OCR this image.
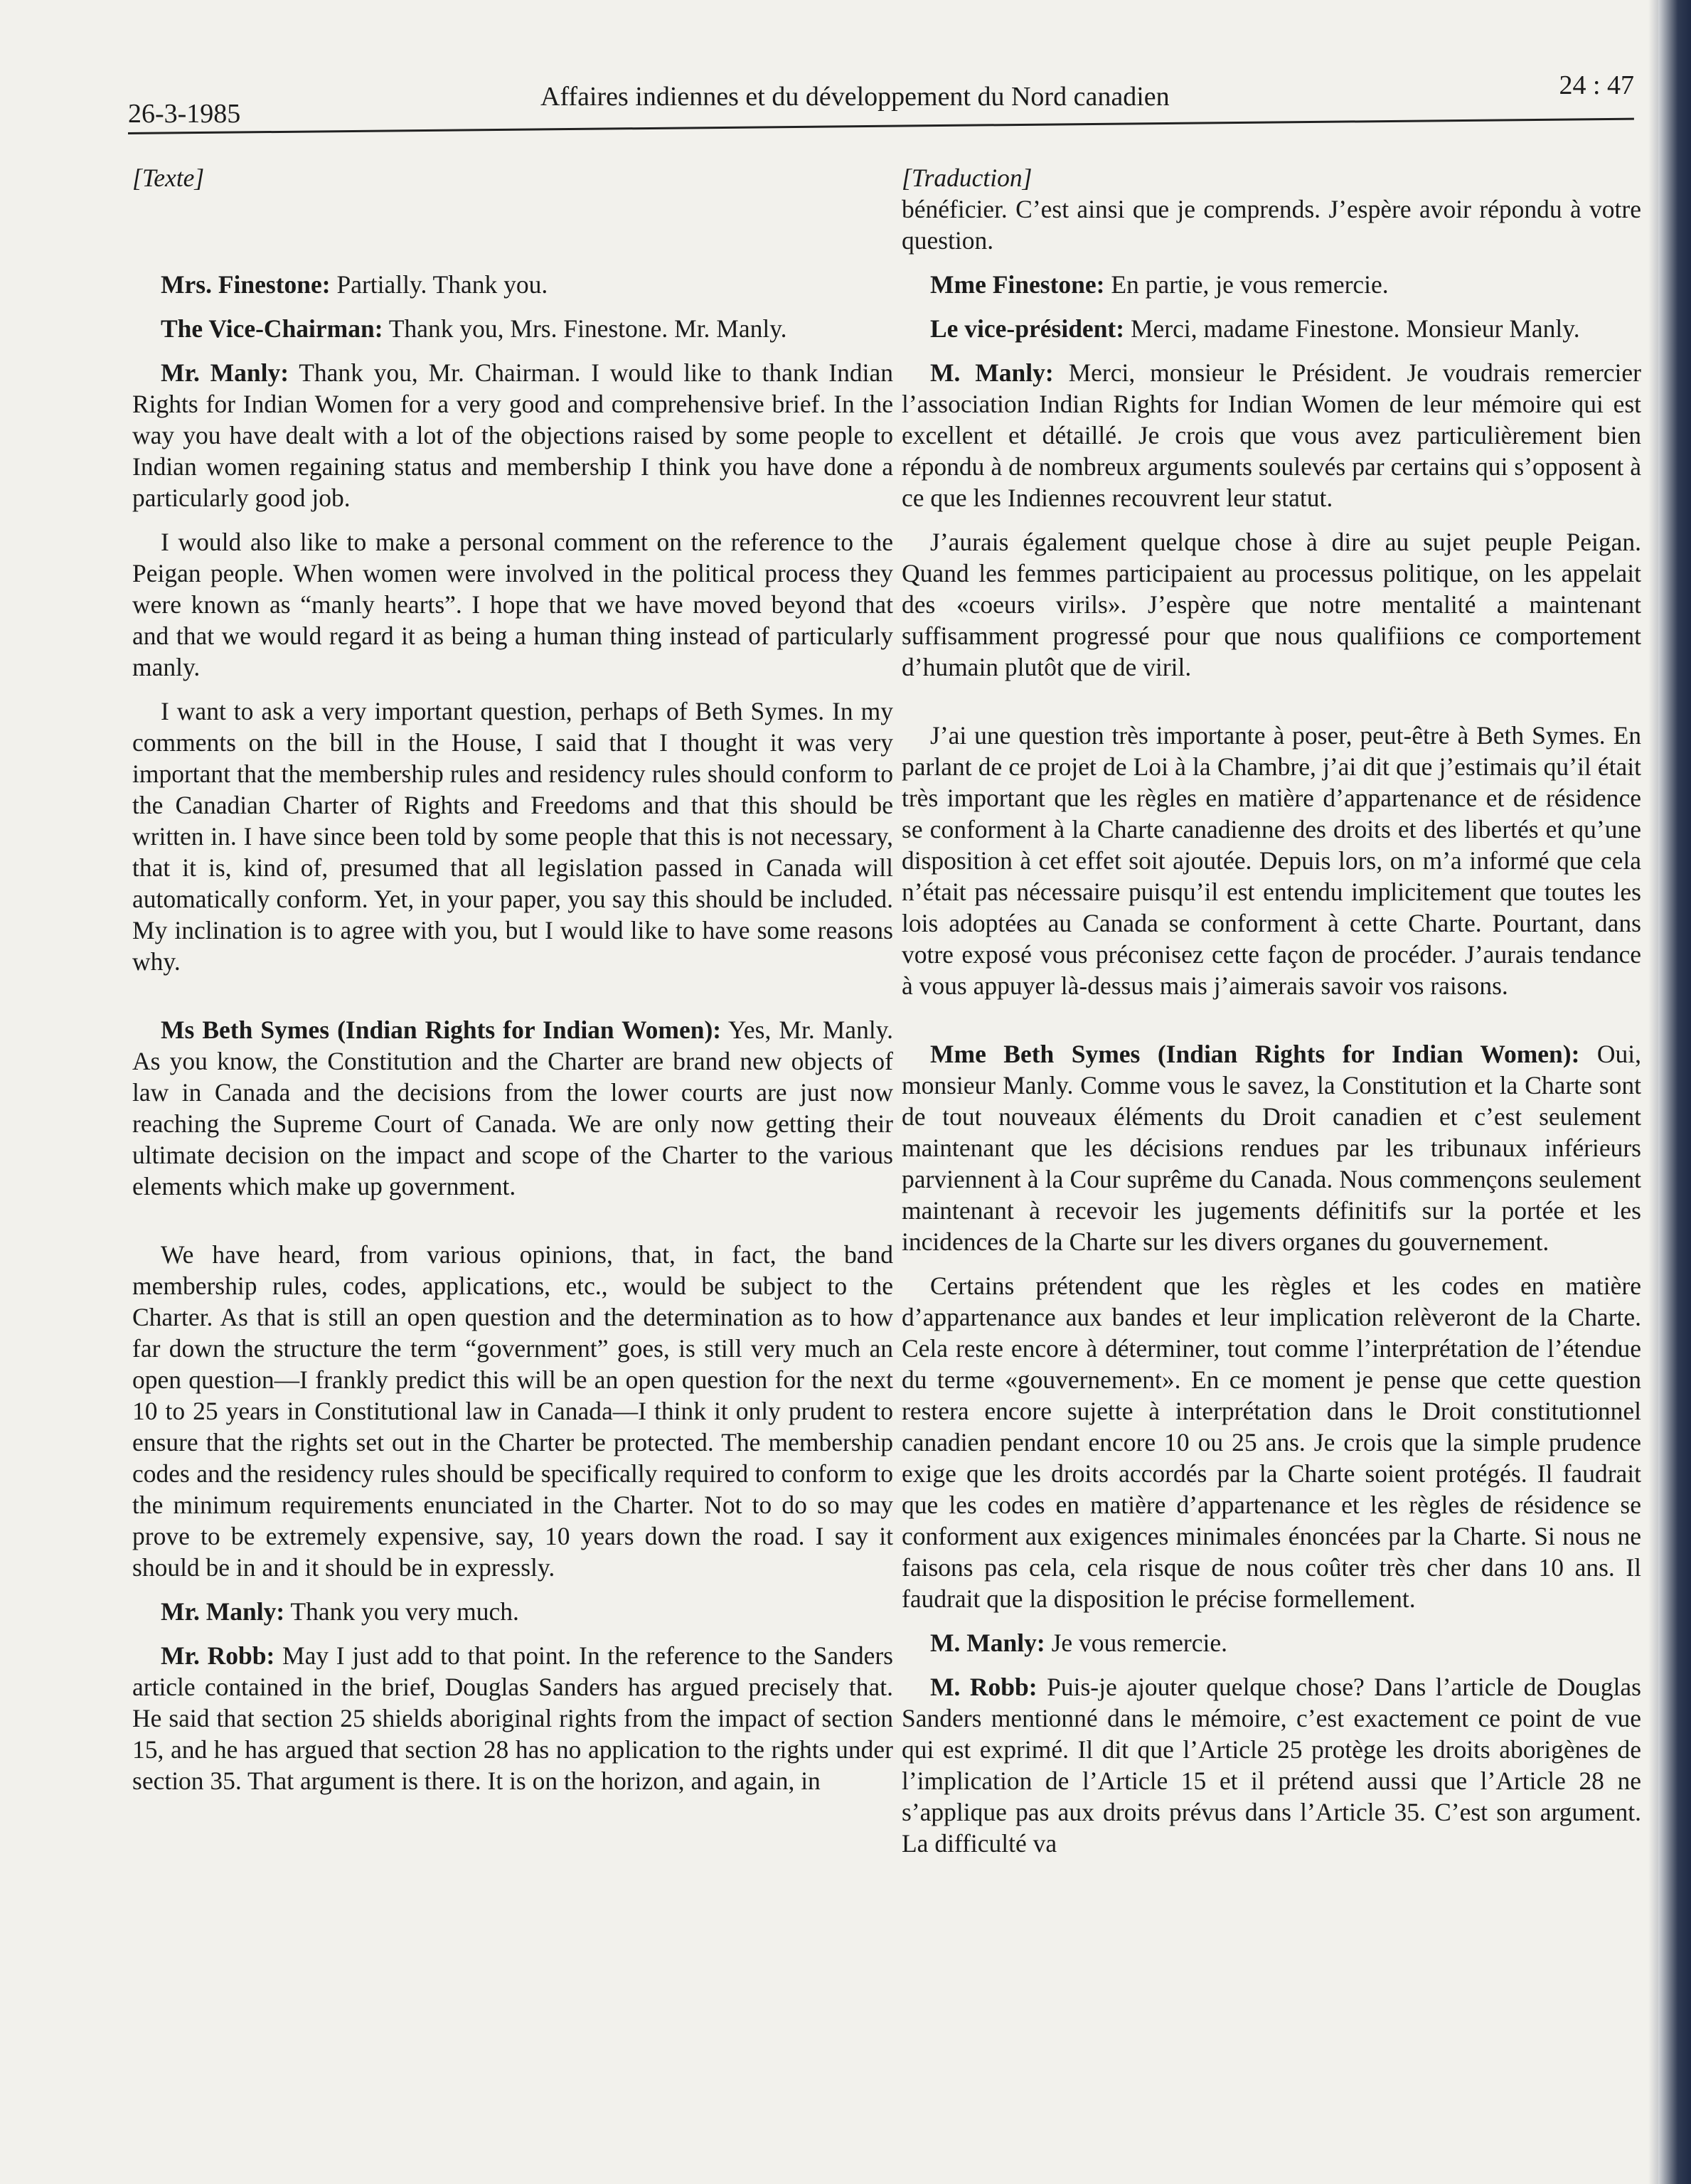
26-3-1985
Affaires indiennes et du développement du Nord canadien	24 : 47

[Texte]

Mrs. Finestone: Partially. Thank you.

The Vice-Chairman: Thank you, Mrs. Finestone. Mr. Manly.

Mr. Manly: Thank you, Mr. Chairman. I would like to thank Indian Rights for Indian Women for a very good and comprehensive brief. In the way you have dealt with a lot of the objections raised by some people to Indian women regaining status and membership I think you have done a particularly good job.

I would also like to make a personal comment on the reference to the Peigan people. When women were involved in the political process they were known as “manly hearts”. I hope that we have moved beyond that and that we would regard it as being a human thing instead of particularly manly.

I want to ask a very important question, perhaps of Beth Symes. In my comments on the bill in the House, I said that I thought it was very important that the membership rules and residency rules should conform to the Canadian Charter of Rights and Freedoms and that this should be written in. I have since been told by some people that this is not necessary, that it is, kind of, presumed that all legislation passed in Canada will automatically conform. Yet, in your paper, you say this should be included. My inclination is to agree with you, but I would like to have some reasons why.

Ms Beth Symes (Indian Rights for Indian Women): Yes, Mr. Manly. As you know, the Constitution and the Charter are brand new objects of law in Canada and the decisions from the lower courts are just now reaching the Supreme Court of Canada. We are only now getting their ultimate decision on the impact and scope of the Charter to the various elements which make up government.

We have heard, from various opinions, that, in fact, the band membership rules, codes, applications, etc., would be subject to the Charter. As that is still an open question and the determination as to how far down the structure the term “government” goes, is still very much an open question—I frankly predict this will be an open question for the next 10 to 25 years in Constitutional law in Canada—I think it only prudent to ensure that the rights set out in the Charter be protected. The membership codes and the residency rules should be specifically required to conform to the minimum requirements enunciated in the Charter. Not to do so may prove to be extremely expensive, say, 10 years down the road. I say it should be in and it should be in expressly.

Mr. Manly: Thank you very much.

Mr. Robb: May I just add to that point. In the reference to the Sanders article contained in the brief, Douglas Sanders has argued precisely that. He said that section 25 shields aboriginal rights from the impact of section 15, and he has argued that section 28 has no application to the rights under section 35. That argument is there. It is on the horizon, and again, in

[Traduction]

bénéficier. C’est ainsi que je comprends. J’espère avoir répondu à votre question.

Mme Finestone: En partie, je vous remercie.

Le vice-président: Merci, madame Finestone. Monsieur Manly.

M. Manly: Merci, monsieur le Président. Je voudrais remercier l’association Indian Rights for Indian Women de leur mémoire qui est excellent et détaillé. Je crois que vous avez particulièrement bien répondu à de nombreux arguments soulevés par certains qui s’opposent à ce que les Indiennes recouvrent leur statut.

J’aurais également quelque chose à dire au sujet peuple Peigan. Quand les femmes participaient au processus politique, on les appelait des «coeurs virils». J’espère que notre mentalité a maintenant suffisamment progressé pour que nous qualifiions ce comportement d’humain plutôt que de viril.

J’ai une question très importante à poser, peut-être à Beth Symes. En parlant de ce projet de Loi à la Chambre, j’ai dit que j’estimais qu’il était très important que les règles en matière d’appartenance et de résidence se conforment à la Charte canadienne des droits et des libertés et qu’une disposition à cet effet soit ajoutée. Depuis lors, on m’a informé que cela n’était pas nécessaire puisqu’il est entendu implicitement que toutes les lois adoptées au Canada se conforment à cette Charte. Pourtant, dans votre exposé vous préconisez cette façon de procéder. J’aurais tendance à vous appuyer là-dessus mais j’aimerais savoir vos raisons.

Mme Beth Symes (Indian Rights for Indian Women): Oui, monsieur Manly. Comme vous le savez, la Constitution et la Charte sont de tout nouveaux éléments du Droit canadien et c’est seulement maintenant que les décisions rendues par les tribunaux inférieurs parviennent à la Cour suprême du Canada. Nous commençons seulement maintenant à recevoir les jugements définitifs sur la portée et les incidences de la Charte sur les divers organes du gouvernement.

Certains prétendent que les règles et les codes en matière d’appartenance aux bandes et leur implication relèveront de la Charte. Cela reste encore à déterminer, tout comme l’interprétation de l’étendue du terme «gouvernement». En ce moment je pense que cette question restera encore sujette à interprétation dans le Droit constitutionnel canadien pendant encore 10 ou 25 ans. Je crois que la simple prudence exige que les droits accordés par la Charte soient protégés. Il faudrait que les codes en matière d’appartenance et les règles de résidence se conforment aux exigences minimales énoncées par la Charte. Si nous ne faisons pas cela, cela risque de nous coûter très cher dans 10 ans. Il faudrait que la disposition le précise formellement.

M. Manly: Je vous remercie.

M. Robb: Puis-je ajouter quelque chose? Dans l’article de Douglas Sanders mentionné dans le mémoire, c’est exactement ce point de vue qui est exprimé. Il dit que l’Article 25 protège les droits aborigènes de l’implication de l’Article 15 et il prétend aussi que l’Article 28 ne s’applique pas aux droits prévus dans l’Article 35. C’est son argument. La difficulté va
